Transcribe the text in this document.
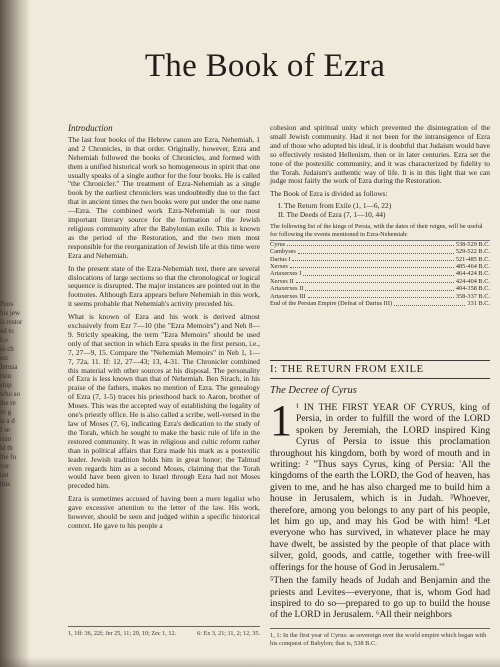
Pens
his jew
is restor
ed to
Lo
in ch
en:
Jerusa
ruin
ship
who so
the re
or g
is a d
I se
ruin
ld th
the fo
vor
tist
this
The Book of Ezra
Introduction

The last four books of the Hebrew canon are Ezra, Nehemiah, 1 and 2 Chronicles, in that order. Originally, however, Ezra and Nehemiah followed the books of Chronicles, and formed with them a unified historical work so homogeneous in spirit that one usually speaks of a single author for the four books. He is called "the Chronicler." The treatment of Ezra-Nehemiah as a single book by the earliest chroniclers was undoubtedly due to the fact that in ancient times the two books were put under the one name—Ezra. The combined work Ezra-Nehemiah is our most important literary source for the formation of the Jewish religious community after the Babylonian exile. This is known as the period of the Restoration, and the two men most responsible for the reorganization of Jewish life at this time were Ezra and Nehemiah.

In the present state of the Ezra-Nehemiah text, there are several dislocations of large sections so that the chronological or logical sequence is disrupted. The major instances are pointed out in the footnotes. Although Ezra appears before Nehemiah in this work, it seems probable that Nehemiah's activity preceded his.

What is known of Ezra and his work is derived almost exclusively from Ezr 7—10 (the "Ezra Memoirs") and Neh 8—9. Strictly speaking, the term "Ezra Memoirs" should be used only of that section in which Ezra speaks in the first person, i.e., 7, 27—9, 15. Compare the "Nehemiah Memoirs" in Neh 1, 1—7, 72a, 11. If: 12, 27—43; 13, 4-31. The Chronicler combined this material with other sources at his disposal. The personality of Ezra is less known than that of Nehemiah. Ben Sirach, in his praise of the fathers, makes no mention of Ezra. The genealogy of Ezra (7, 1-5) traces his priesthood back to Aaron, brother of Moses. This was the accepted way of establishing the legality of one's priestly office. He is also called a scribe, well-versed in the law of Moses (7, 6), indicating Ezra's dedication to the study of the Torah, which he sought to make the basic rule of life in the restored community. It was in religious and cultic reform rather than in political affairs that Ezra made his mark as a postexilic leader. Jewish tradition holds him in great honor; the Talmud even regards him as a second Moses, claiming that the Torah would have been given to Israel through Ezra had not Moses preceded him.

Ezra is sometimes accused of having been a mere legalist who gave excessive attention to the letter of the law. His work, however, should be seen and judged within a specific historical context. He gave to his people a

1, 1ff: 36, 22f; Jer 25, 11; 29, 10; Zec 1, 12.	6: Ex 3, 21; 11, 2; 12, 35.

cohesion and spiritual unity which prevented the disintegration of the small Jewish community. Had it not been for the intransigence of Ezra and of those who adopted his ideal, it is doubtful that Judaism would have so effectively resisted Hellenism, then or in later centuries. Ezra set the tone of the postexilic community, and it was characterized by fidelity to the Torah. Judaism's authentic way of life. It is in this light that we can judge most fairly the work of Ezra during the Restoration.

The Book of Ezra is divided as follows:
I. The Return from Exile (1, 1—6, 22)
II. The Deeds of Ezra (7, 1—10, 44)
The following list of the kings of Persia, with the dates of their reigns, will be useful for following the events mentioned in Ezra-Nehemiah:
Cyrus	538-529 B.C.
Cambyses	529-522 B.C.
Darius I	521-485 B.C.
Xerxes	485-464 B.C.
Artaxerxes I	464-424 B.C.
Xerxes II	424-404 B.C.
Artaxerxes II	404-358 B.C.
Artaxerxes III	358-337 B.C.
End of the Persian Empire (Defeat of Darius III)	331 B.C.
I: THE RETURN FROM EXILE
The Decree of Cyrus
1 ¹ IN THE FIRST YEAR OF CYRUS, king of Persia, in order to fulfill the word of the LORD spoken by Jeremiah, the LORD inspired King Cyrus of Persia to issue this proclamation throughout his kingdom, both by word of mouth and in writing: ² "Thus says Cyrus, king of Persia: 'All the kingdoms of the earth the LORD, the God of heaven, has given to me, and he has also charged me to build him a house in Jerusalem, which is in Judah. ³Whoever, therefore, among you belongs to any part of his people, let him go up, and may his God be with him! ⁴Let everyone who has survived, in whatever place he may have dwelt, be assisted by the people of that place with silver, gold, goods, and cattle, together with free-will offerings for the house of God in Jerusalem.'"

⁵Then the family heads of Judah and Benjamin and the priests and Levites—everyone, that is, whom God had inspired to do so—prepared to go up to build the house of the LORD in Jerusalem. ⁶All their neighbors

1, 1: In the first year of Cyrus: as sovereign over the world empire which began with his conquest of Babylon; that is, 538 B.C.
